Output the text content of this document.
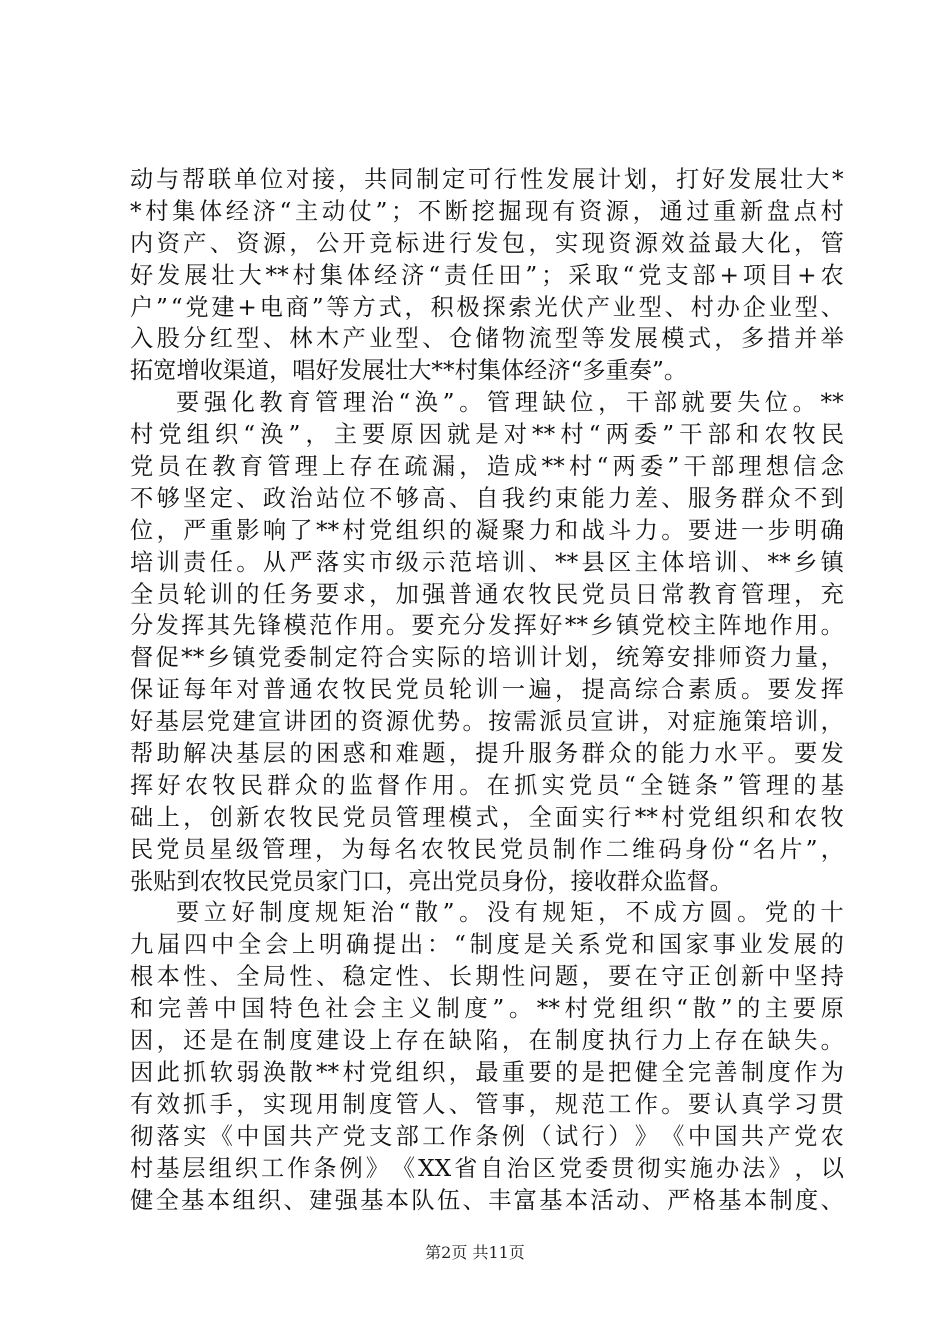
动 与 帮 联 单 位 对 接 ， 共 同 制 定 可 行 性 发 展 计 划 ， 打 好 发 展 壮 大 *
* 村 集 体 经 济 “ 主 动 仗 ” ； 不 断 挖 掘 现 有 资 源 ， 通 过 重 新 盘 点 村
内 资 产 、 资 源 ， 公 开 竞 标 进 行 发 包 ， 实 现 资 源 效 益 最 大 化 ， 管
好 发 展 壮 大 ** 村 集 体 经 济 “ 责 任 田 ” ； 采 取 “ 党 支 部 + 项 目 + 农
户 ” “ 党 建 + 电 商 ” 等 方 式 ， 积 极 探 索 光 伏 产 业 型 、 村 办 企 业 型 、
入 股 分 红 型 、 林 木 产 业 型 、 仓 储 物 流 型 等 发 展 模 式 ， 多 措 并 举
拓宽增收渠道，唱好发展壮大**村集体经济“多重奏”。
要 强 化 教 育 管 理 治 “ 涣 ” 。 管 理 缺 位 ， 干 部 就 要 失 位 。 **
村 党 组 织 “ 涣 ” ， 主 要 原 因 就 是 对 ** 村 “ 两 委 ” 干 部 和 农 牧 民
党 员 在 教 育 管 理 上 存 在 疏 漏 ， 造 成 ** 村 “ 两 委 ” 干 部 理 想 信 念
不 够 坚 定 、 政 治 站 位 不 够 高 、 自 我 约 束 能 力 差 、 服 务 群 众 不 到
位 ， 严 重 影 响 了 ** 村 党 组 织 的 凝 聚 力 和 战 斗 力 。 要 进 一 步 明 确
培 训 责 任 。 从 严 落 实 市 级 示 范 培 训 、 ** 县 区 主 体 培 训 、 ** 乡 镇
全 员 轮 训 的 任 务 要 求 ， 加 强 普 通 农 牧 民 党 员 日 常 教 育 管 理 ， 充
分 发 挥 其 先 锋 模 范 作 用 。 要 充 分 发 挥 好 ** 乡 镇 党 校 主 阵 地 作 用 。
督 促 ** 乡 镇 党 委 制 定 符 合 实 际 的 培 训 计 划 ， 统 筹 安 排 师 资 力 量 ，
保 证 每 年 对 普 通 农 牧 民 党 员 轮 训 一 遍 ， 提 高 综 合 素 质 。 要 发 挥
好 基 层 党 建 宣 讲 团 的 资 源 优 势 。 按 需 派 员 宣 讲 ， 对 症 施 策 培 训 ，
帮 助 解 决 基 层 的 困 惑 和 难 题 ， 提 升 服 务 群 众 的 能 力 水 平 。 要 发
挥 好 农 牧 民 群 众 的 监 督 作 用 。 在 抓 实 党 员 “ 全 链 条 ” 管 理 的 基
础 上 ， 创 新 农 牧 民 党 员 管 理 模 式 ， 全 面 实 行 ** 村 党 组 织 和 农 牧
民 党 员 星 级 管 理 ， 为 每 名 农 牧 民 党 员 制 作 二 维 码 身 份 “ 名 片 ” ，
张贴到农牧民党员家门口，亮出党员身份，接收群众监督。
要 立 好 制 度 规 矩 治 “ 散 ” 。 没 有 规 矩 ， 不 成 方 圆 。 党 的 十
九 届 四 中 全 会 上 明 确 提 出 ： “ 制 度 是 关 系 党 和 国 家 事 业 发 展 的
根 本 性 、 全 局 性 、 稳 定 性 、 长 期 性 问 题 ， 要 在 守 正 创 新 中 坚 持
和 完 善 中 国 特 色 社 会 主 义 制 度 ” 。 ** 村 党 组 织 “ 散 ” 的 主 要 原
因 ， 还 是 在 制 度 建 设 上 存 在 缺 陷 ， 在 制 度 执 行 力 上 存 在 缺 失 。
因 此 抓 软 弱 涣 散 ** 村 党 组 织 ， 最 重 要 的 是 把 健 全 完 善 制 度 作 为
有 效 抓 手 ， 实 现 用 制 度 管 人 、 管 事 ， 规 范 工 作 。 要 认 真 学 习 贯
彻 落 实 《 中 国 共 产 党 支 部 工 作 条 例 （ 试 行 ） 》 《 中 国 共 产 党 农
村 基 层 组 织 工 作 条 例 》 《 XX 省 自 治 区 党 委 贯 彻 实 施 办 法 》 ， 以
健 全 基 本 组 织 、 建 强 基 本 队 伍 、 丰 富 基 本 活 动 、 严 格 基 本 制 度 、
第2页 共11页
